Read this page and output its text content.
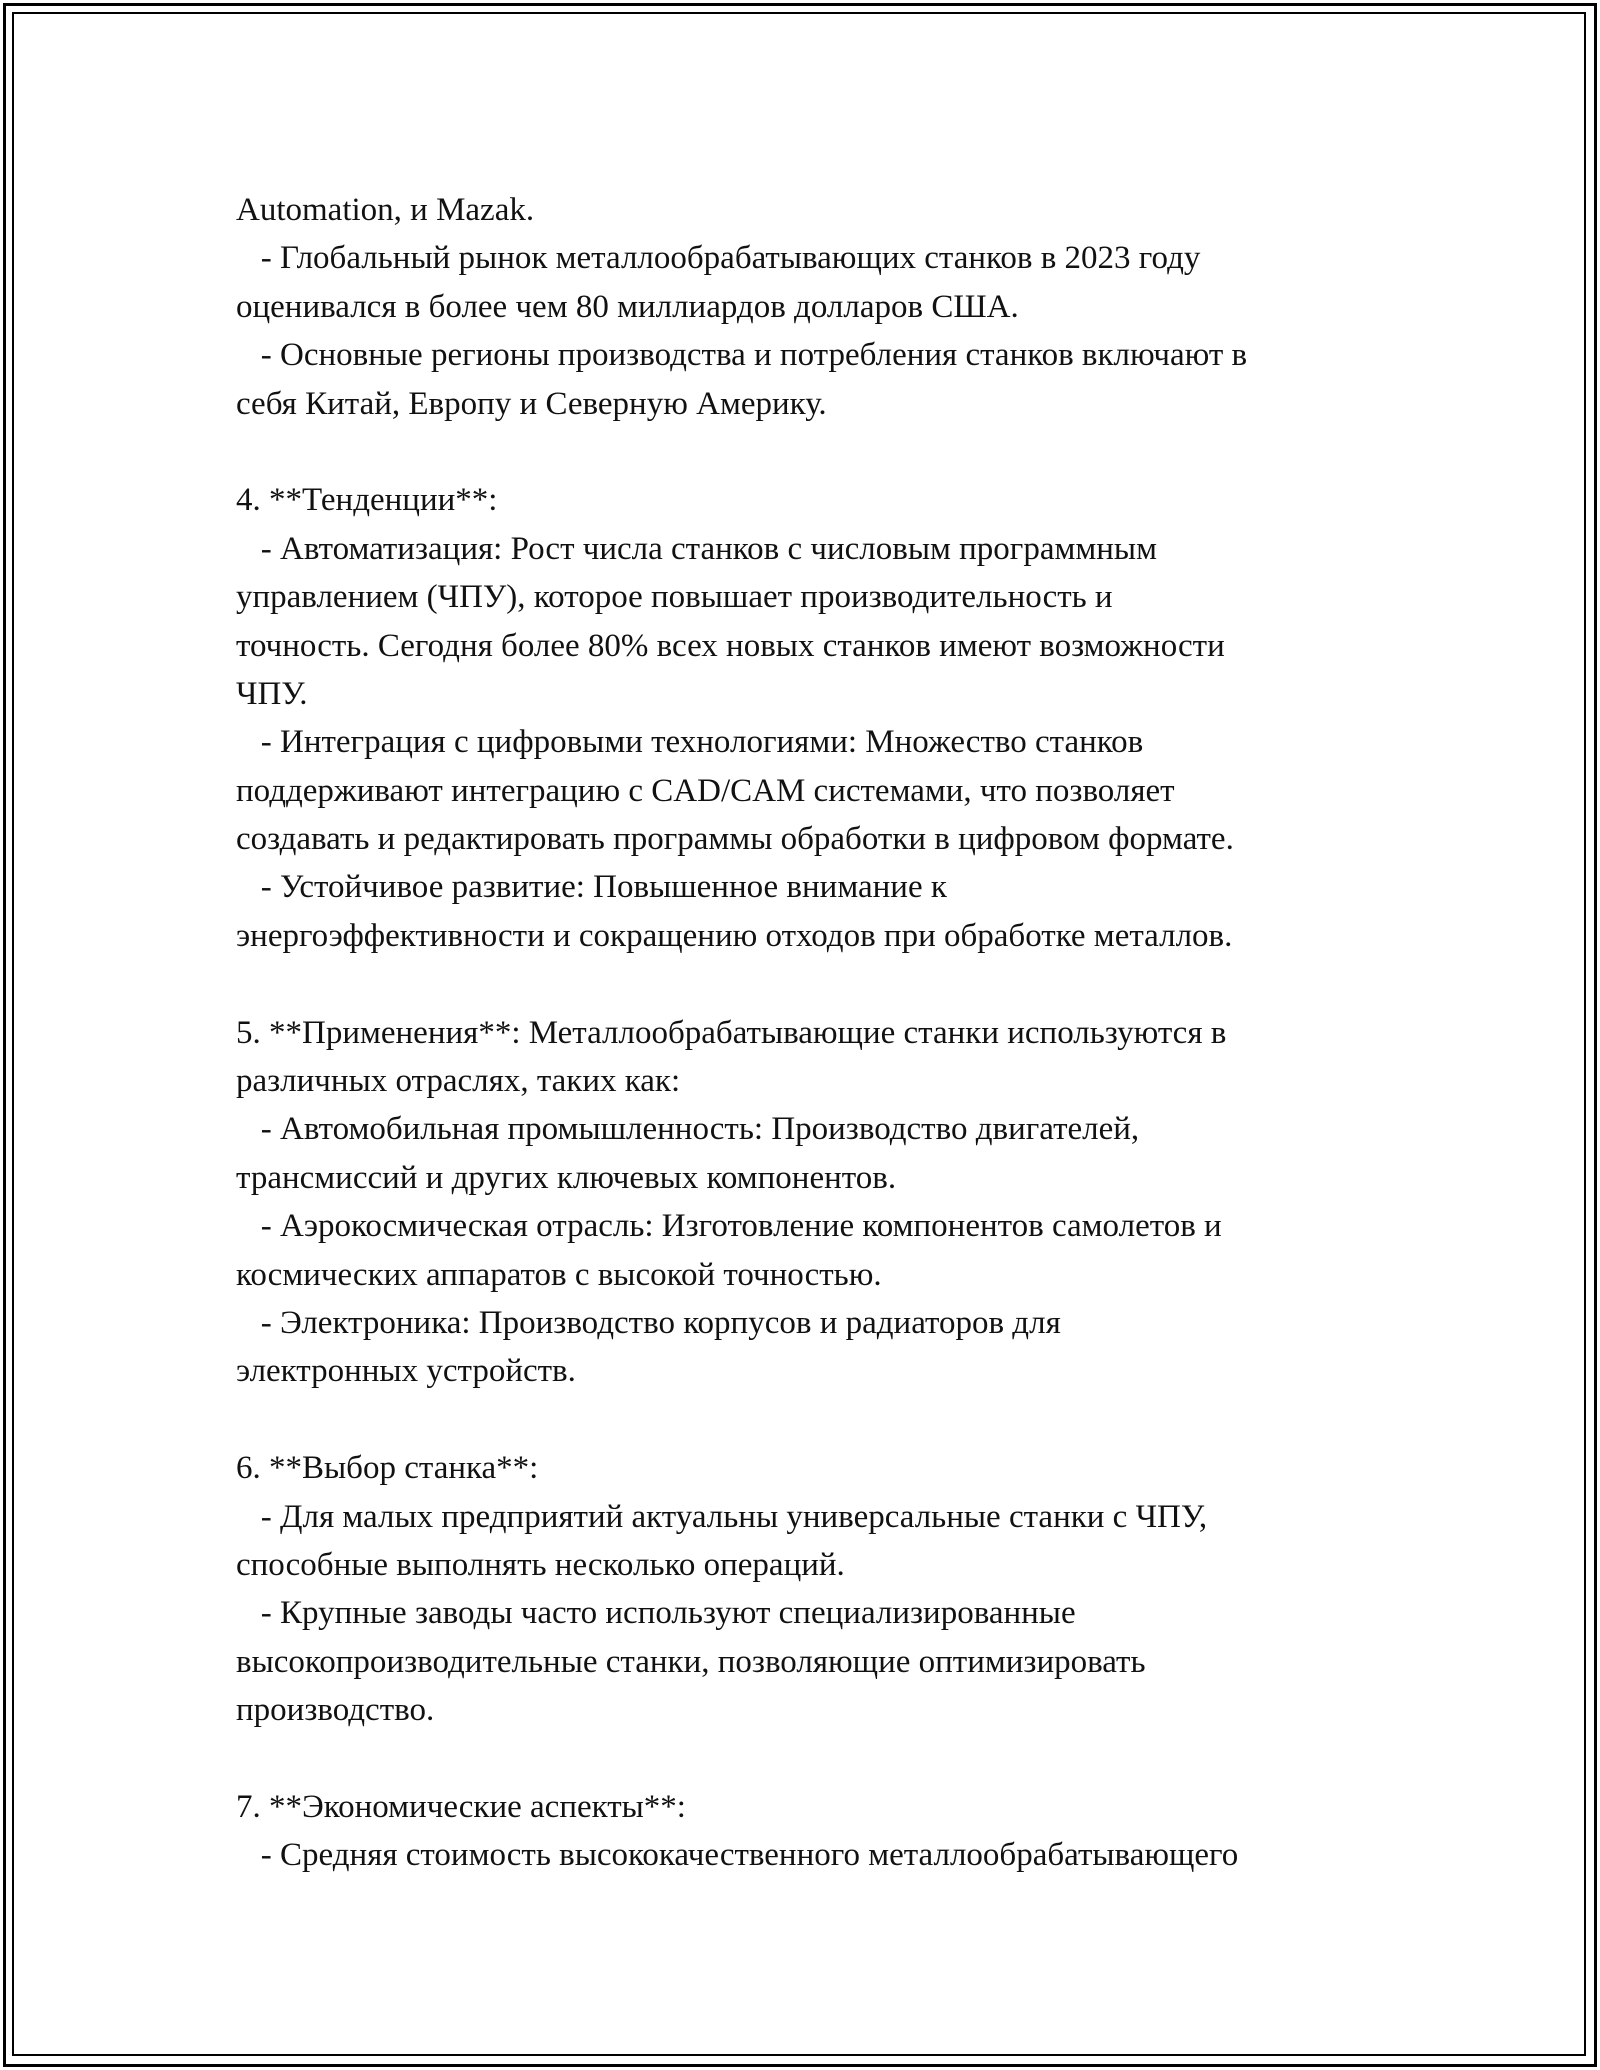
Automation, и Mazak.
- Глобальный рынок металлообрабатывающих станков в 2023 году
оценивался в более чем 80 миллиардов долларов США.
- Основные регионы производства и потребления станков включают в
себя Китай, Европу и Северную Америку.
4. **Тенденции**:
- Автоматизация: Рост числа станков с числовым программным
управлением (ЧПУ), которое повышает производительность и
точность. Сегодня более 80% всех новых станков имеют возможности
ЧПУ.
- Интеграция с цифровыми технологиями: Множество станков
поддерживают интеграцию с CAD/CAM системами, что позволяет
создавать и редактировать программы обработки в цифровом формате.
- Устойчивое развитие: Повышенное внимание к
энергоэффективности и сокращению отходов при обработке металлов.
5. **Применения**: Металлообрабатывающие станки используются в
различных отраслях, таких как:
- Автомобильная промышленность: Производство двигателей,
трансмиссий и других ключевых компонентов.
- Аэрокосмическая отрасль: Изготовление компонентов самолетов и
космических аппаратов с высокой точностью.
- Электроника: Производство корпусов и радиаторов для
электронных устройств.
6. **Выбор станка**:
- Для малых предприятий актуальны универсальные станки с ЧПУ,
способные выполнять несколько операций.
- Крупные заводы часто используют специализированные
высокопроизводительные станки, позволяющие оптимизировать
производство.
7. **Экономические аспекты**:
- Средняя стоимость высококачественного металлообрабатывающего
